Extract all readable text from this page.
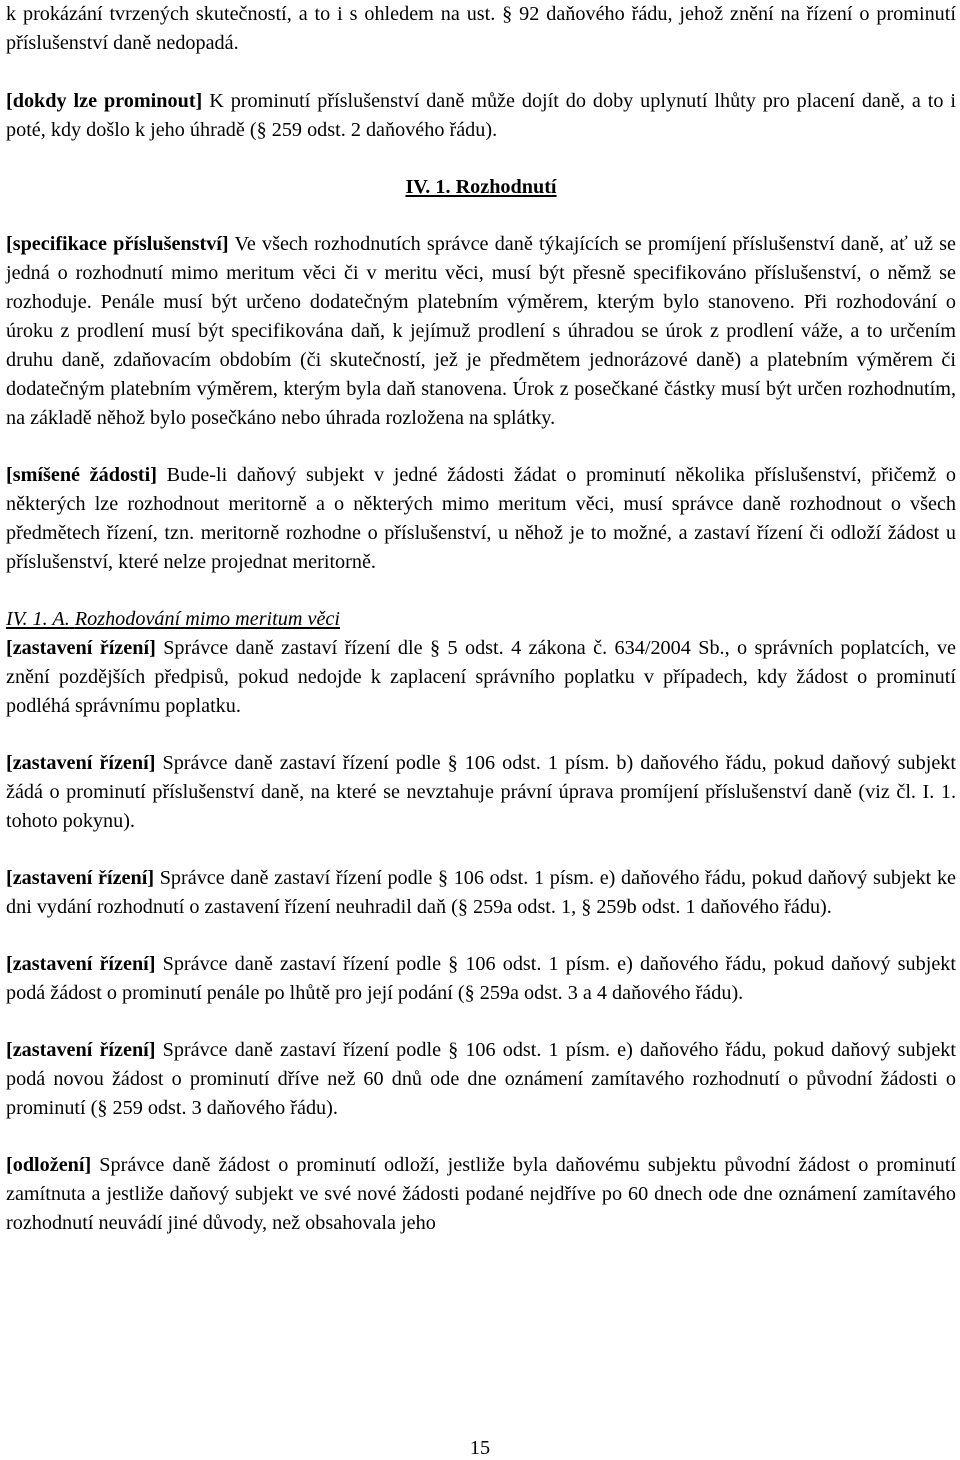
k prokázání tvrzených skutečností, a to i s ohledem na ust. § 92 daňového řádu, jehož znění na řízení o prominutí příslušenství daně nedopadá.

[dokdy lze prominout] K prominutí příslušenství daně může dojít do doby uplynutí lhůty pro placení daně, a to i poté, kdy došlo k jeho úhradě (§ 259 odst. 2 daňového řádu).

IV. 1. Rozhodnutí

[specifikace příslušenství] Ve všech rozhodnutích správce daně týkajících se promíjení příslušenství daně, ať už se jedná o rozhodnutí mimo meritum věci či v meritu věci, musí být přesně specifikováno příslušenství, o němž se rozhoduje. Penále musí být určeno dodatečným platebním výměrem, kterým bylo stanoveno. Při rozhodování o úroku z prodlení musí být specifikována daň, k jejímuž prodlení s úhradou se úrok z prodlení váže, a to určením druhu daně, zdaňovacím obdobím (či skutečností, jež je předmětem jednorázové daně) a platebním výměrem či dodatečným platebním výměrem, kterým byla daň stanovena. Úrok z posečkané částky musí být určen rozhodnutím, na základě něhož bylo posečkáno nebo úhrada rozložena na splátky.

[smíšené žádosti] Bude-li daňový subjekt v jedné žádosti žádat o prominutí několika příslušenství, přičemž o některých lze rozhodnout meritorně a o některých mimo meritum věci, musí správce daně rozhodnout o všech předmětech řízení, tzn. meritorně rozhodne o příslušenství, u něhož je to možné, a zastaví řízení či odloží žádost u příslušenství, které nelze projednat meritorně.

IV. 1. A. Rozhodování mimo meritum věci

[zastavení řízení] Správce daně zastaví řízení dle § 5 odst. 4 zákona č. 634/2004 Sb., o správních poplatcích, ve znění pozdějších předpisů, pokud nedojde k zaplacení správního poplatku v případech, kdy žádost o prominutí podléhá správnímu poplatku.

[zastavení řízení] Správce daně zastaví řízení podle § 106 odst. 1 písm. b) daňového řádu, pokud daňový subjekt žádá o prominutí příslušenství daně, na které se nevztahuje právní úprava promíjení příslušenství daně (viz čl. I. 1. tohoto pokynu).

[zastavení řízení] Správce daně zastaví řízení podle § 106 odst. 1 písm. e) daňového řádu, pokud daňový subjekt ke dni vydání rozhodnutí o zastavení řízení neuhradil daň (§ 259a odst. 1, § 259b odst. 1 daňového řádu).

[zastavení řízení] Správce daně zastaví řízení podle § 106 odst. 1 písm. e) daňového řádu, pokud daňový subjekt podá žádost o prominutí penále po lhůtě pro její podání (§ 259a odst. 3 a 4 daňového řádu).

[zastavení řízení] Správce daně zastaví řízení podle § 106 odst. 1 písm. e) daňového řádu, pokud daňový subjekt podá novou žádost o prominutí dříve než 60 dnů ode dne oznámení zamítavého rozhodnutí o původní žádosti o prominutí (§ 259 odst. 3 daňového řádu).

[odložení] Správce daně žádost o prominutí odloží, jestliže byla daňovému subjektu původní žádost o prominutí zamítnuta a jestliže daňový subjekt ve své nové žádosti podané nejdříve po 60 dnech ode dne oznámení zamítavého rozhodnutí neuvádí jiné důvody, než obsahovala jeho

15
